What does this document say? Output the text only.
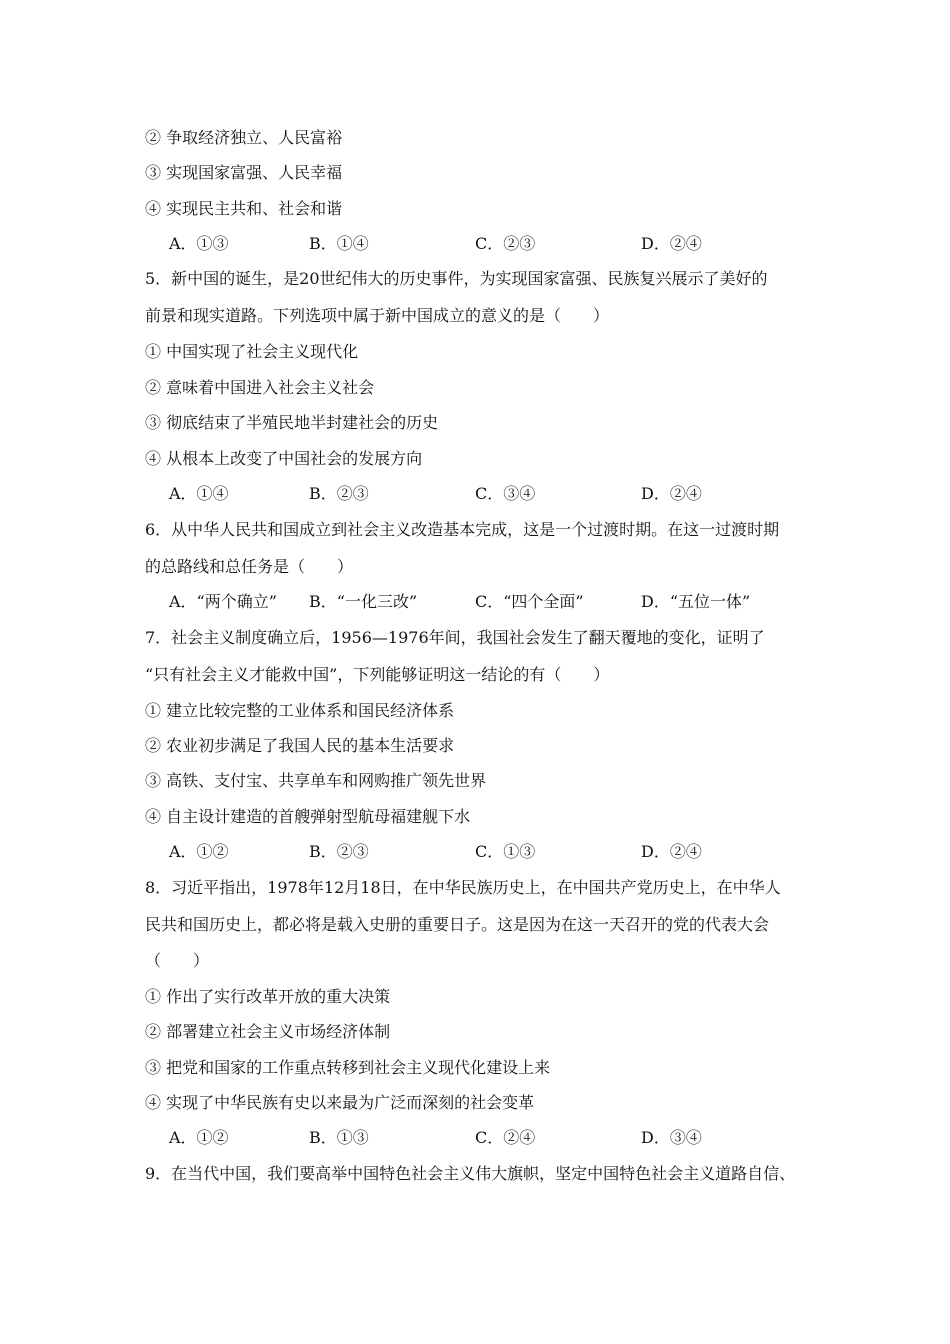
② 争取经济独立、人民富裕
③ 实现国家富强、人民幸福
④ 实现民主共和、社会和谐
A．①③	B．①④	C．②③	D．②④
5．新中国的诞生，是20世纪伟大的历史事件，为实现国家富强、民族复兴展示了美好的
前景和现实道路。下列选项中属于新中国成立的意义的是（　　）
① 中国实现了社会主义现代化
② 意味着中国进入社会主义社会
③ 彻底结束了半殖民地半封建社会的历史
④ 从根本上改变了中国社会的发展方向
A．①④	B．②③	C．③④	D．②④
6．从中华人民共和国成立到社会主义改造基本完成，这是一个过渡时期。在这一过渡时期
的总路线和总任务是（　　）
A．“两个确立” B．“一化三改”	C．“四个全面”	D．“五位一体”
7．社会主义制度确立后，1956—1976年间，我国社会发生了翻天覆地的变化，证明了
“只有社会主义才能救中国”，下列能够证明这一结论的有（　　）
① 建立比较完整的工业体系和国民经济体系
② 农业初步满足了我国人民的基本生活要求
③ 高铁、支付宝、共享单车和网购推广领先世界
④ 自主设计建造的首艘弹射型航母福建舰下水
A．①②	B．②③	C．①③	D．②④
8．习近平指出，1978年12月18日，在中华民族历史上，在中国共产党历史上，在中华人
民共和国历史上，都必将是载入史册的重要日子。这是因为在这一天召开的党的代表大会
（　　）
① 作出了实行改革开放的重大决策
② 部署建立社会主义市场经济体制
③ 把党和国家的工作重点转移到社会主义现代化建设上来
④ 实现了中华民族有史以来最为广泛而深刻的社会变革
A．①②	B．①③	C．②④	D．③④
9．在当代中国，我们要高举中国特色社会主义伟大旗帜，坚定中国特色社会主义道路自信、
